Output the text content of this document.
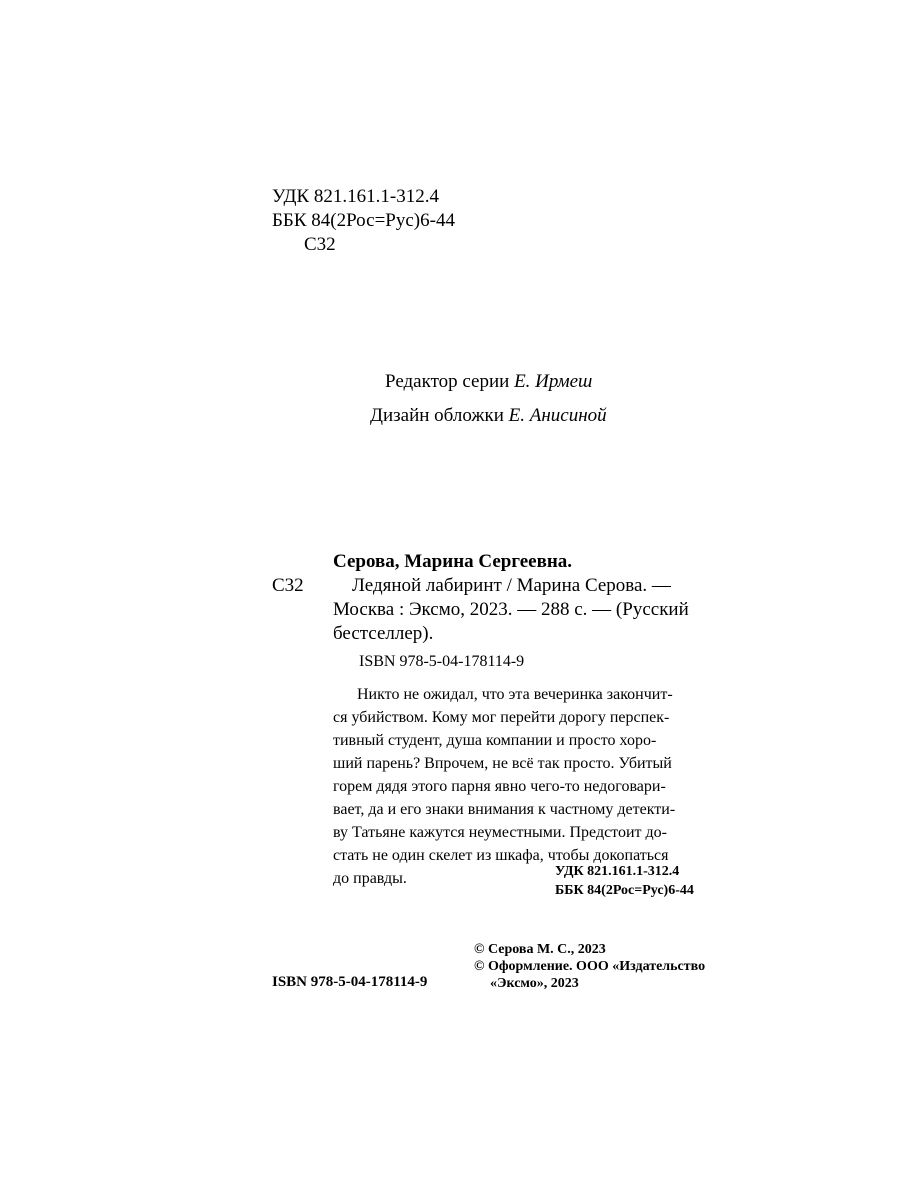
УДК 821.161.1-312.4
ББК 84(2Рос=Рус)6-44
С32
Редактор серии Е. Ирмеш
Дизайн обложки Е. Анисиной
Серова, Марина Сергеевна.
С32	Ледяной лабиринт / Марина Серова. —
Москва : Эксмо, 2023. — 288 с. — (Русский
бестселлер).
ISBN 978-5-04-178114-9
Никто не ожидал, что эта вечеринка закончит-
ся убийством. Кому мог перейти дорогу перспек-
тивный студент, душа компании и просто хоро-
ший парень? Впрочем, не всё так просто. Убитый
горем дядя этого парня явно чего-то недоговари-
вает, да и его знаки внимания к частному детекти-
ву Татьяне кажутся неуместными. Предстоит до-
стать не один скелет из шкафа, чтобы докопаться
до правды.	УДК 821.161.1-312.4
ББК 84(2Рос=Рус)6-44
© Серова М. С., 2023
© Оформление. ООО «Издательство
ISBN 978-5-04-178114-9	«Эксмо», 2023
